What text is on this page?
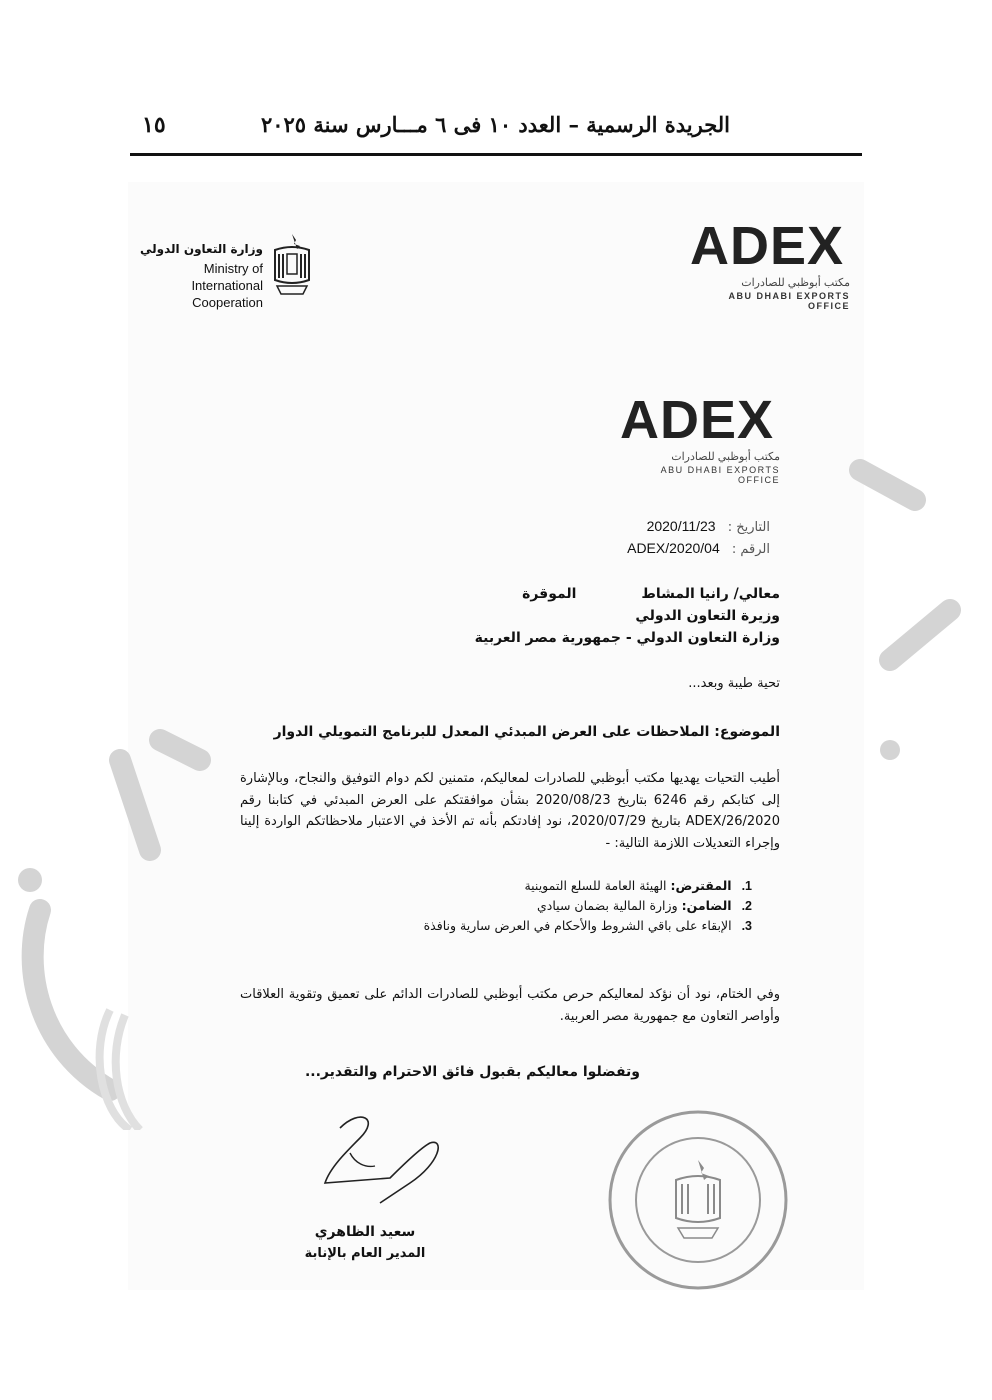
الجريدة الرسمية – العدد ١٠ فى ٦ مـــارس سنة ٢٠٢٥
١٥
وزارة التعاون الدولي
Ministry of International
Cooperation
ADEX
مكتب أبوظبي للصادرات
ABU DHABI EXPORTS OFFICE
ADEX
مكتب أبوظبي للصادرات
ABU DHABI EXPORTS OFFICE
التاريخ : 2020/11/23
الرقم : ADEX/2020/04
معالي/ رانيا المشاط الموقرة
وزيرة التعاون الدولي
وزارة التعاون الدولي - جمهورية مصر العربية
تحية طيبة وبعد...
الموضوع: الملاحظات على العرض المبدئي المعدل للبرنامج التمويلي الدوار
أطيب التحيات يهديها مكتب أبوظبي للصادرات لمعاليكم، متمنين لكم دوام التوفيق والنجاح، وبالإشارة إلى كتابكم رقم 6246 بتاريخ 2020/08/23 بشأن موافقتكم على العرض المبدئي في كتابنا رقم ADEX/26/2020 بتاريخ 2020/07/29، نود إفادتكم بأنه تم الأخذ في الاعتبار ملاحظاتكم الواردة إلينا وإجراء التعديلات اللازمة التالية: -
1. المقترض: الهيئة العامة للسلع التموينية
2. الضامن: وزارة المالية بضمان سيادي
3. الإبقاء على باقي الشروط والأحكام في العرض سارية ونافذة
وفي الختام، نود أن نؤكد لمعاليكم حرص مكتب أبوظبي للصادرات الدائم على تعميق وتقوية العلاقات وأواصر التعاون مع جمهورية مصر العربية.
وتفضلوا معاليكم بقبول فائق الاحترام والتقدير...
سعيد الظاهري
المدير العام بالإنابة
